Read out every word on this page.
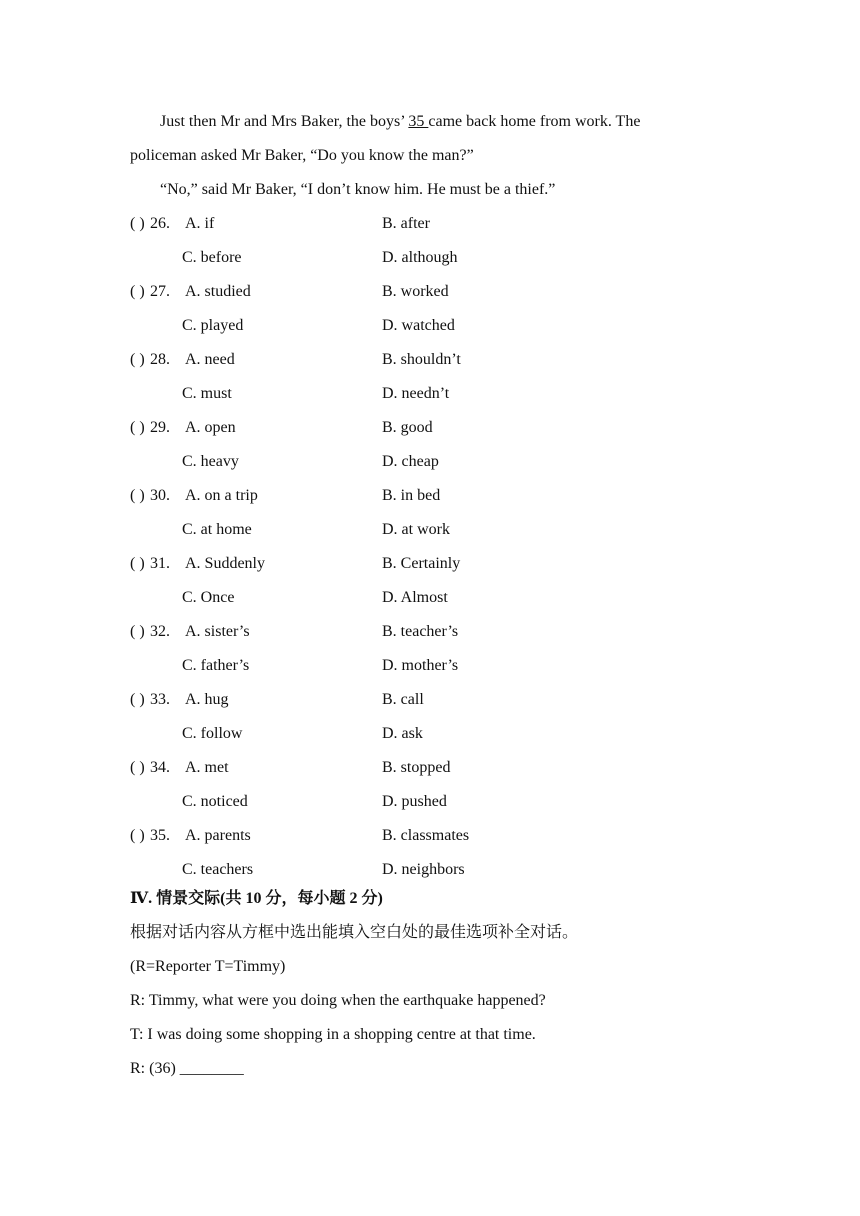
Just then Mr and Mrs Baker, the boys’ 35 came back home from work. The
policeman asked Mr Baker, “Do you know the man?”
“No,” said Mr Baker, “I don’t know him. He must be a thief.”
( ) 26. A. if	B. after
C. before	D. although
( ) 27. A. studied	B. worked
C. played	D. watched
( ) 28. A. need	B. shouldn’t
C. must	D. needn’t
( ) 29. A. open	B. good
C. heavy	D. cheap
( ) 30. A. on a trip	B. in bed
C. at home	D. at work
( ) 31. A. Suddenly	B. Certainly
C. Once	D. Almost
( ) 32. A. sister’s	B. teacher’s
C. father’s	D. mother’s
( ) 33. A. hug	B. call
C. follow	D. ask
( ) 34. A. met	B. stopped
C. noticed	D. pushed
( ) 35. A. parents	B. classmates
C. teachers	D. neighbors
Ⅳ. 情景交际(共 10 分，每小题 2 分)
根据对话内容从方框中选出能填入空白处的最佳选项补全对话。
(R=Reporter T=Timmy)
R: Timmy, what were you doing when the earthquake happened?
T: I was doing some shopping in a shopping centre at that time.
R: (36) ________
